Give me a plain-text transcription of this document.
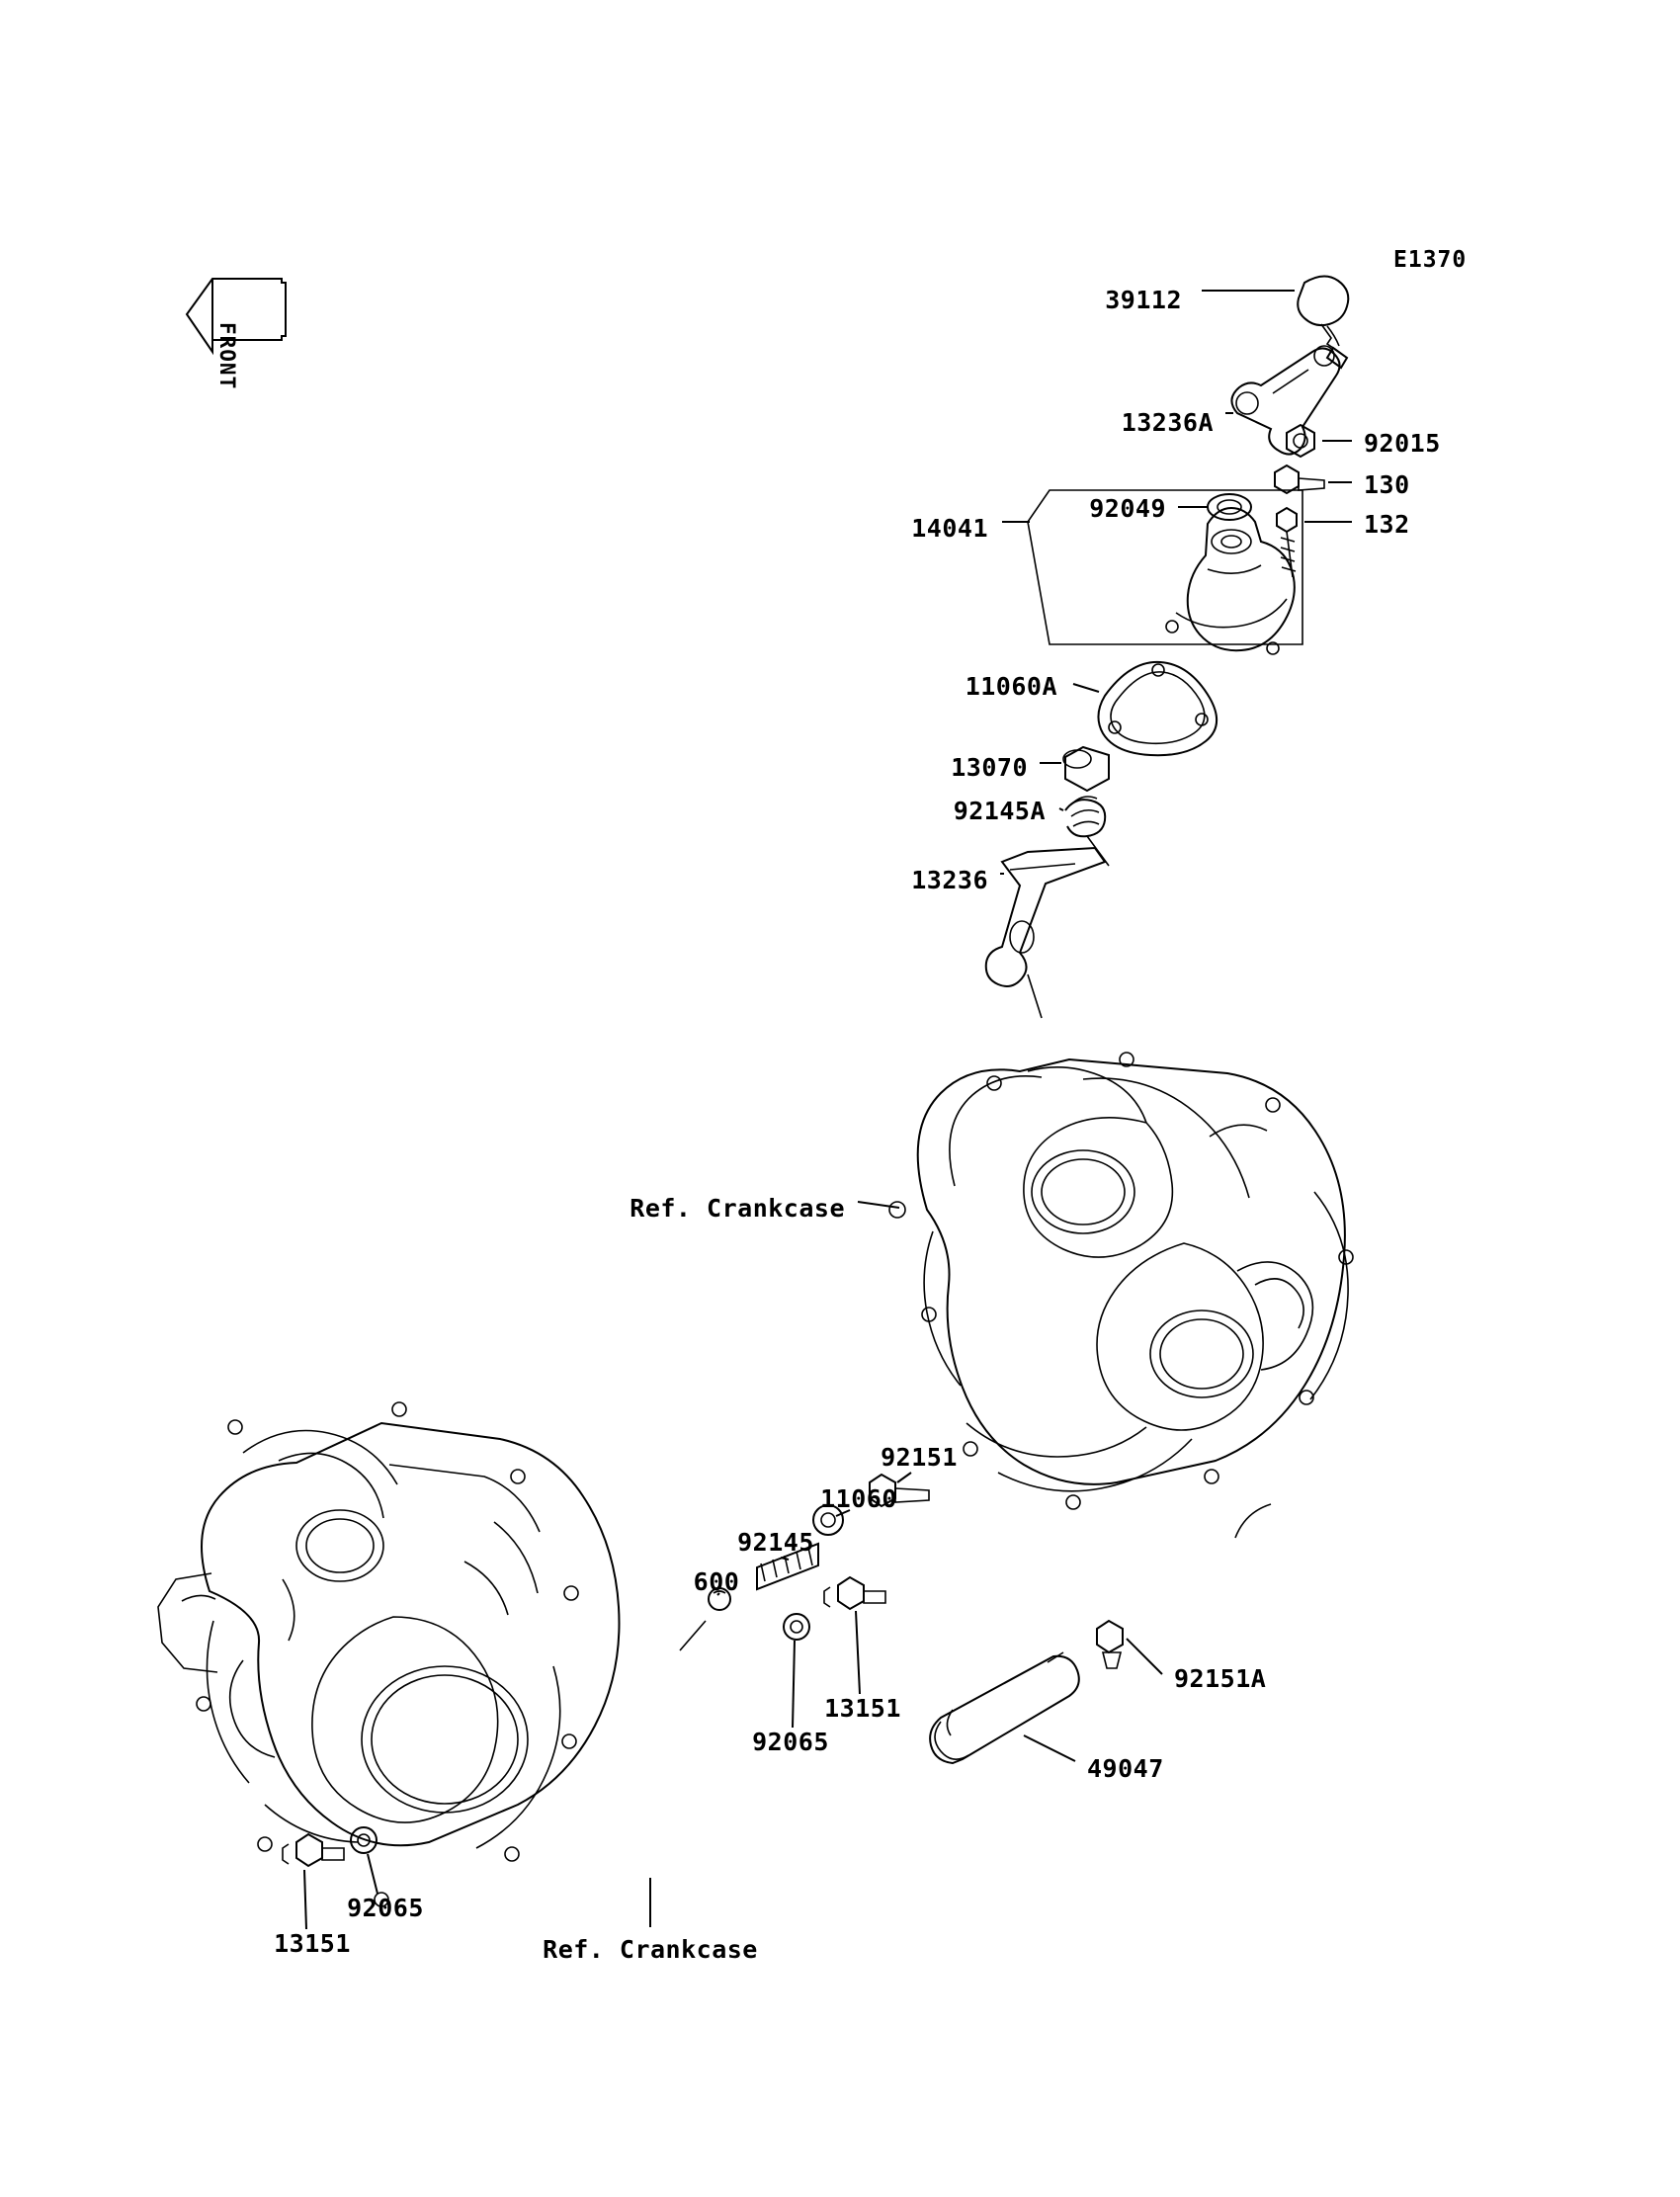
E1370
FRONT
39112
13236A
92015
130
92049
132
14041
11060A
13070
92145A
13236
Ref. Crankcase
92151
11060
92145
600
13151
92065
92151A
49047
92065
13151	Ref. Crankcase
